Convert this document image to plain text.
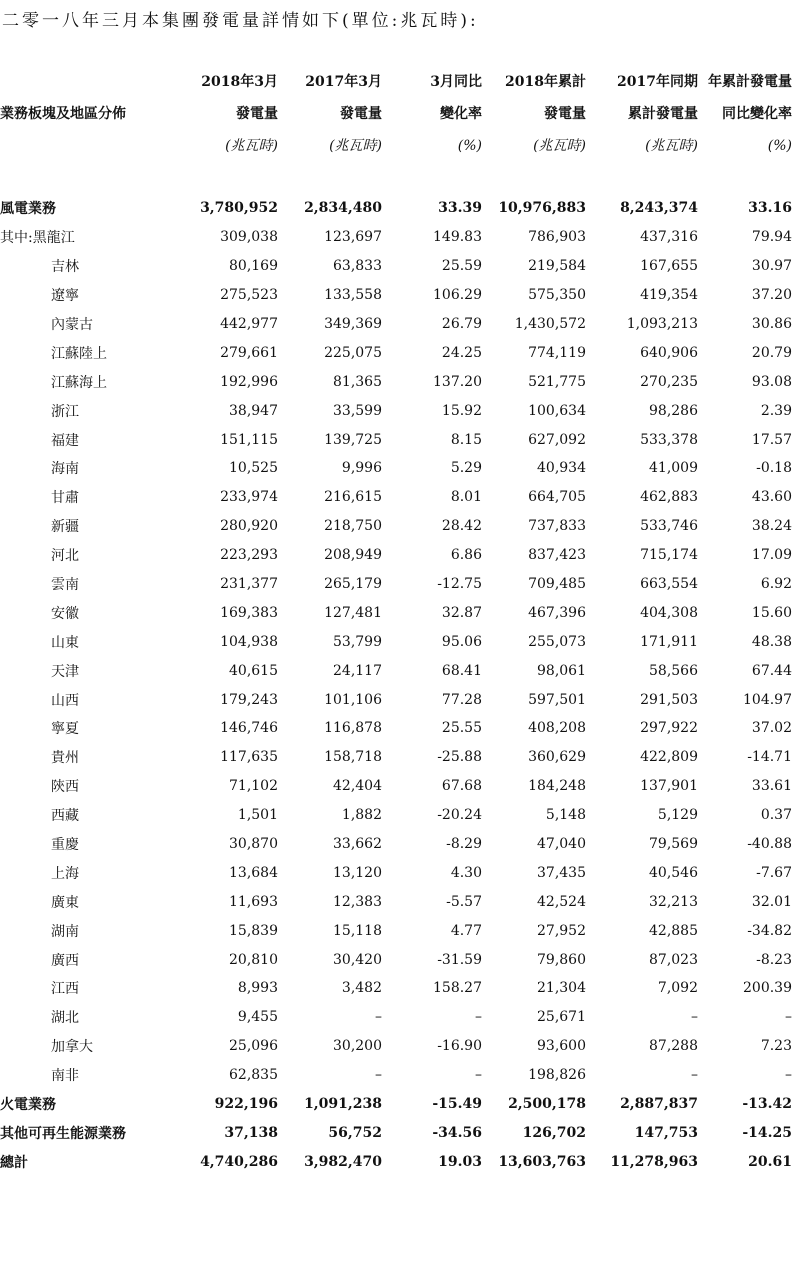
二零一八年三月本集團發電量詳情如下(單位:兆瓦時):
	2018年3月	2017年3月	3月同比	2018年累計	2017年同期	年累計發電量
業務板塊及地區分佈	發電量	發電量	變化率	發電量	累計發電量	同比變化率
	(兆瓦時)	(兆瓦時)	(%)	(兆瓦時)	(兆瓦時)	(%)

風電業務	3,780,952	2,834,480	33.39	10,976,883	8,243,374	33.16
其中:黑龍江	309,038	123,697	149.83	786,903	437,316	79.94
吉林	80,169	63,833	25.59	219,584	167,655	30.97
遼寧	275,523	133,558	106.29	575,350	419,354	37.20
內蒙古	442,977	349,369	26.79	1,430,572	1,093,213	30.86
江蘇陸上	279,661	225,075	24.25	774,119	640,906	20.79
江蘇海上	192,996	81,365	137.20	521,775	270,235	93.08
浙江	38,947	33,599	15.92	100,634	98,286	2.39
福建	151,115	139,725	8.15	627,092	533,378	17.57
海南	10,525	9,996	5.29	40,934	41,009	-0.18
甘肅	233,974	216,615	8.01	664,705	462,883	43.60
新疆	280,920	218,750	28.42	737,833	533,746	38.24
河北	223,293	208,949	6.86	837,423	715,174	17.09
雲南	231,377	265,179	-12.75	709,485	663,554	6.92
安徽	169,383	127,481	32.87	467,396	404,308	15.60
山東	104,938	53,799	95.06	255,073	171,911	48.38
天津	40,615	24,117	68.41	98,061	58,566	67.44
山西	179,243	101,106	77.28	597,501	291,503	104.97
寧夏	146,746	116,878	25.55	408,208	297,922	37.02
貴州	117,635	158,718	-25.88	360,629	422,809	-14.71
陝西	71,102	42,404	67.68	184,248	137,901	33.61
西藏	1,501	1,882	-20.24	5,148	5,129	0.37
重慶	30,870	33,662	-8.29	47,040	79,569	-40.88
上海	13,684	13,120	4.30	37,435	40,546	-7.67
廣東	11,693	12,383	-5.57	42,524	32,213	32.01
湖南	15,839	15,118	4.77	27,952	42,885	-34.82
廣西	20,810	30,420	-31.59	79,860	87,023	-8.23
江西	8,993	3,482	158.27	21,304	7,092	200.39
湖北	9,455	–	–	25,671	–	–
加拿大	25,096	30,200	-16.90	93,600	87,288	7.23
南非	62,835	–	–	198,826	–	–
火電業務	922,196	1,091,238	-15.49	2,500,178	2,887,837	-13.42
其他可再生能源業務	37,138	56,752	-34.56	126,702	147,753	-14.25
總計	4,740,286	3,982,470	19.03	13,603,763	11,278,963	20.61
